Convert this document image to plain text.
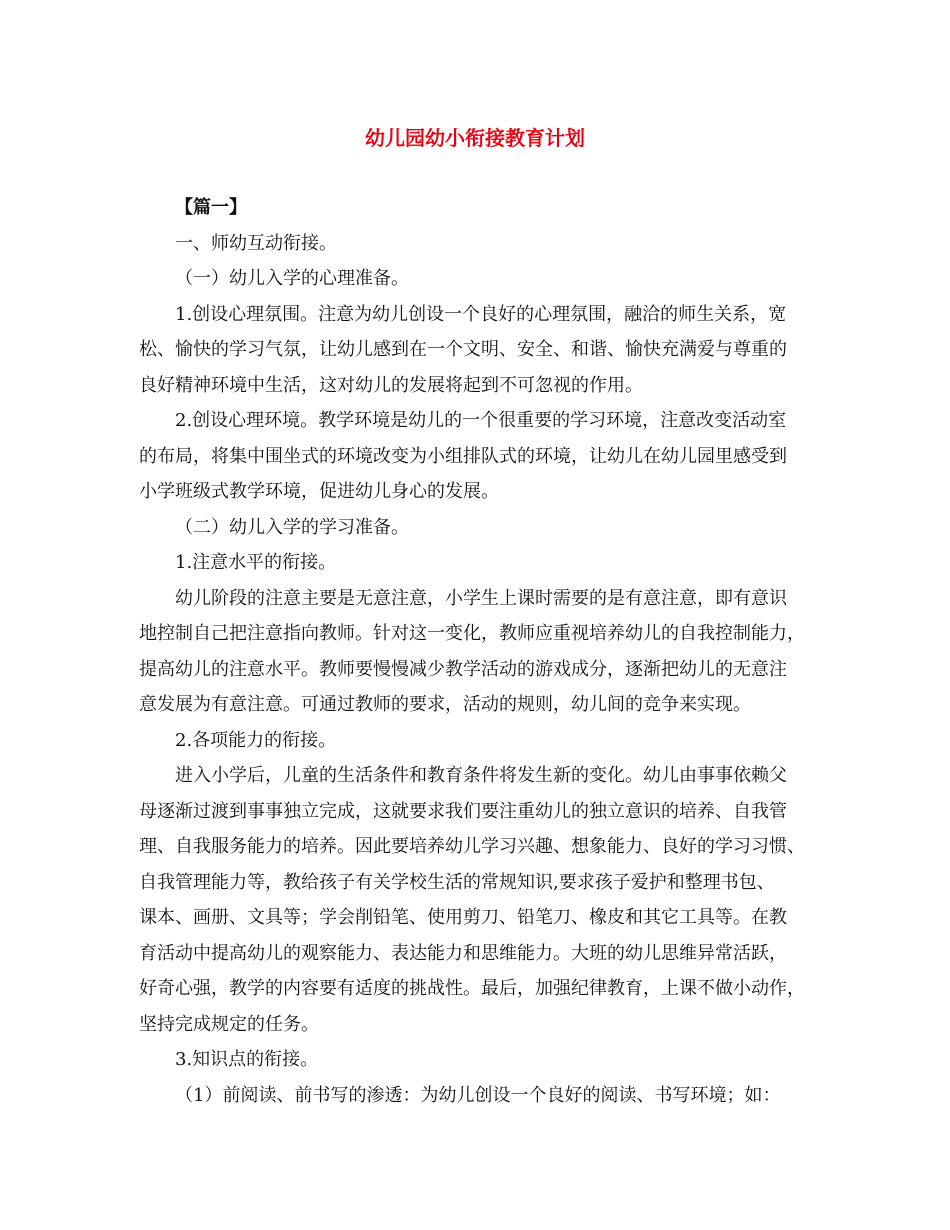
幼儿园幼小衔接教育计划
【篇一】
一、师幼互动衔接。
（一）幼儿入学的心理准备。
1.创设心理氛围。注意为幼儿创设一个良好的心理氛围，融洽的师生关系，宽
松、愉快的学习气氛，让幼儿感到在一个文明、安全、和谐、愉快充满爱与尊重的
良好精神环境中生活，这对幼儿的发展将起到不可忽视的作用。
2.创设心理环境。教学环境是幼儿的一个很重要的学习环境，注意改变活动室
的布局，将集中围坐式的环境改变为小组排队式的环境，让幼儿在幼儿园里感受到
小学班级式教学环境，促进幼儿身心的发展。
（二）幼儿入学的学习准备。
1.注意水平的衔接。
幼儿阶段的注意主要是无意注意，小学生上课时需要的是有意注意，即有意识
地控制自己把注意指向教师。针对这一变化，教师应重视培养幼儿的自我控制能力，
提高幼儿的注意水平。教师要慢慢减少教学活动的游戏成分，逐渐把幼儿的无意注
意发展为有意注意。可通过教师的要求，活动的规则，幼儿间的竞争来实现。
2.各项能力的衔接。
进入小学后，儿童的生活条件和教育条件将发生新的变化。幼儿由事事依赖父
母逐渐过渡到事事独立完成，这就要求我们要注重幼儿的独立意识的培养、自我管
理、自我服务能力的培养。因此要培养幼儿学习兴趣、想象能力、良好的学习习惯、
自我管理能力等，教给孩子有关学校生活的常规知识,要求孩子爱护和整理书包、
课本、画册、文具等；学会削铅笔、使用剪刀、铅笔刀、橡皮和其它工具等。在教
育活动中提高幼儿的观察能力、表达能力和思维能力。大班的幼儿思维异常活跃，
好奇心强，教学的内容要有适度的挑战性。最后，加强纪律教育，上课不做小动作，
坚持完成规定的任务。
3.知识点的衔接。
（1）前阅读、前书写的渗透：为幼儿创设一个良好的阅读、书写环境；如：
